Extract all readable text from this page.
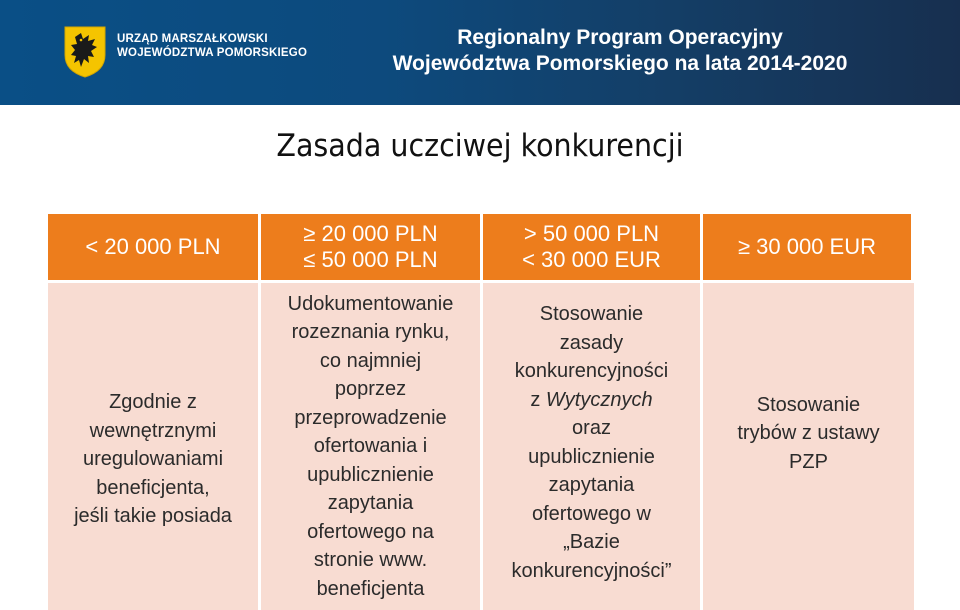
URZĄD MARSZAŁKOWSKI
WOJEWÓDZTWA POMORSKIEGO
Regionalny Program Operacyjny
Województwa Pomorskiego na lata 2014-2020
Zasada uczciwej konkurencji
< 20 000 PLN
≥ 20 000 PLN
≤ 50 000 PLN
> 50 000 PLN
< 30 000 EUR
≥ 30 000 EUR
Zgodnie z
wewnętrznymi
uregulowaniami
beneficjenta,
jeśli takie posiada
Udokumentowanie
rozeznania rynku,
co najmniej
poprzez
przeprowadzenie
ofertowania i
upublicznienie
zapytania
ofertowego na
stronie www.
beneficjenta
Stosowanie
zasady
konkurencyjności
z Wytycznych
oraz
upublicznienie
zapytania
ofertowego w
„Bazie
konkurencyjności”
Stosowanie
trybów z ustawy
PZP
